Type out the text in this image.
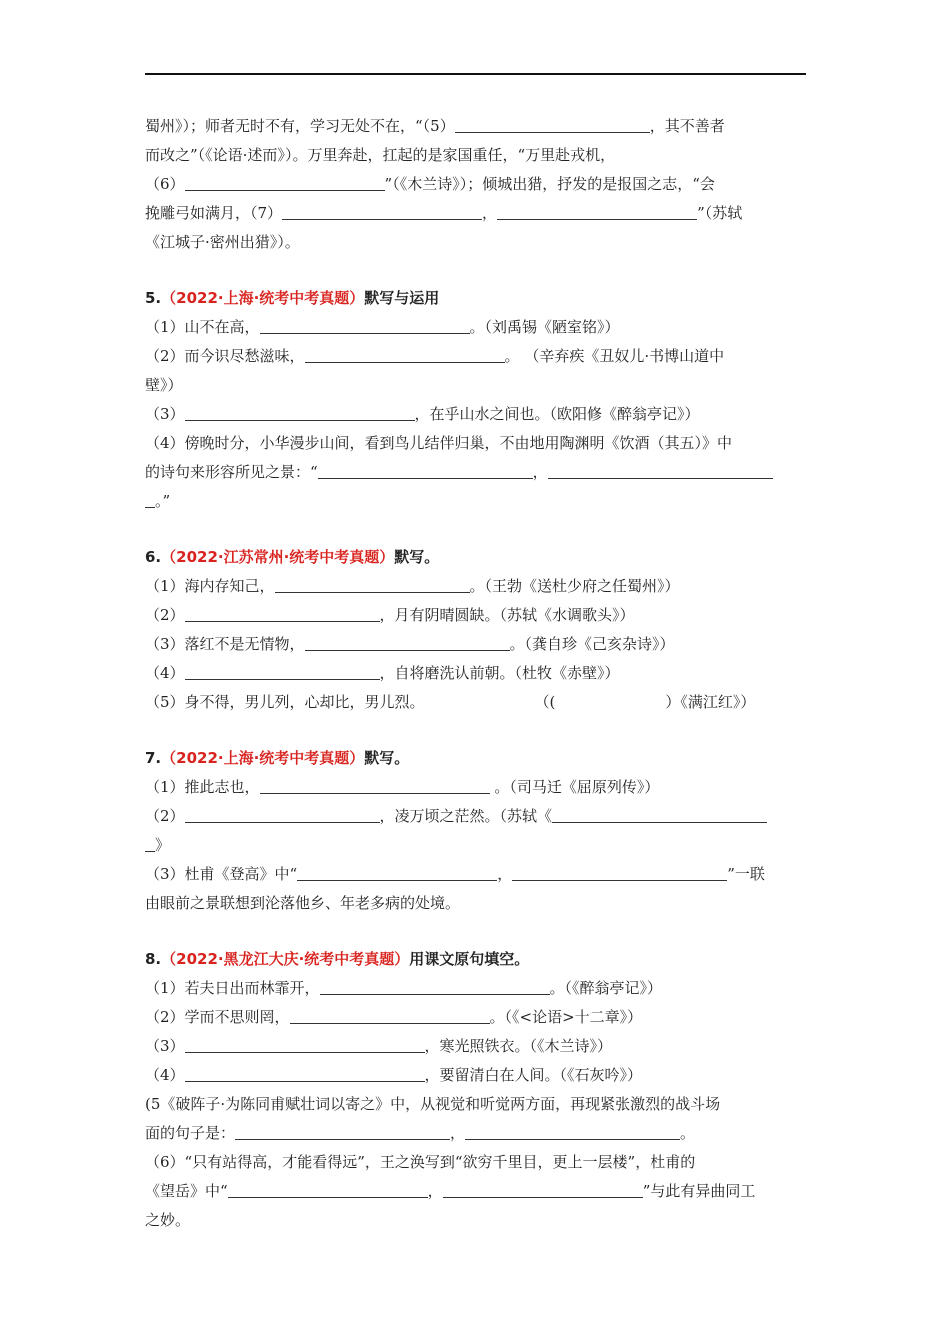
蜀州》）；师者无时不有，学习无处不在，“（5）	，其不善者

而改之”（《论语·述而》）。万里奔赴，扛起的是家国重任，“万里赴戎机，

（6）	”（《木兰诗》）；倾城出猎，抒发的是报国之志，“会

挽雕弓如满月，（7）	，	”（苏轼

《江城子·密州出猎》）。

5.（2022·上海·统考中考真题）默写与运用

（1）山不在高，	。（刘禹锡《陋室铭》）

（2）而今识尽愁滋味，	。 （辛弃疾《丑奴儿·书博山道中

壁》）

（3）	，在乎山水之间也。（欧阳修《醉翁亭记》）

（4）傍晚时分，小华漫步山间，看到鸟儿结伴归巢，不由地用陶渊明《饮酒（其五）》中

的诗句来形容所见之景：“	，

。”

6.（2022·江苏常州·统考中考真题）默写。

（1）海内存知己，	。（王勃《送杜少府之任蜀州》）

（2）	，月有阴晴圆缺。（苏轼《水调歌头》）

（3）落红不是无情物，	。（龚自珍《己亥杂诗》）

（4）	，自将磨洗认前朝。（杜牧《赤壁》）

（5）身不得，男儿列，心却比，男儿烈。	（(	）《满江红》）

7.（2022·上海·统考中考真题）默写。

（1）推此志也，	。（司马迁《屈原列传》）

（2）	，凌万顷之茫然。（苏轼《

》

（3）杜甫《登高》中“	，	”一联

由眼前之景联想到沦落他乡、年老多病的处境。

8.（2022·黑龙江大庆·统考中考真题）用课文原句填空。

（1）若夫日出而林霏开，	。（《醉翁亭记》）

（2）学而不思则罔，	。（《<论语>十二章》）

（3）	，寒光照铁衣。（《木兰诗》）

（4）	，要留清白在人间。（《石灰吟》）

(5《破阵子·为陈同甫赋壮词以寄之》中，从视觉和听觉两方面，再现紧张激烈的战斗场

面的句子是：	，	。

（6）“只有站得高，才能看得远”，王之涣写到“欲穷千里目，更上一层楼”，杜甫的

《望岳》中“	，	”与此有异曲同工

之妙。
